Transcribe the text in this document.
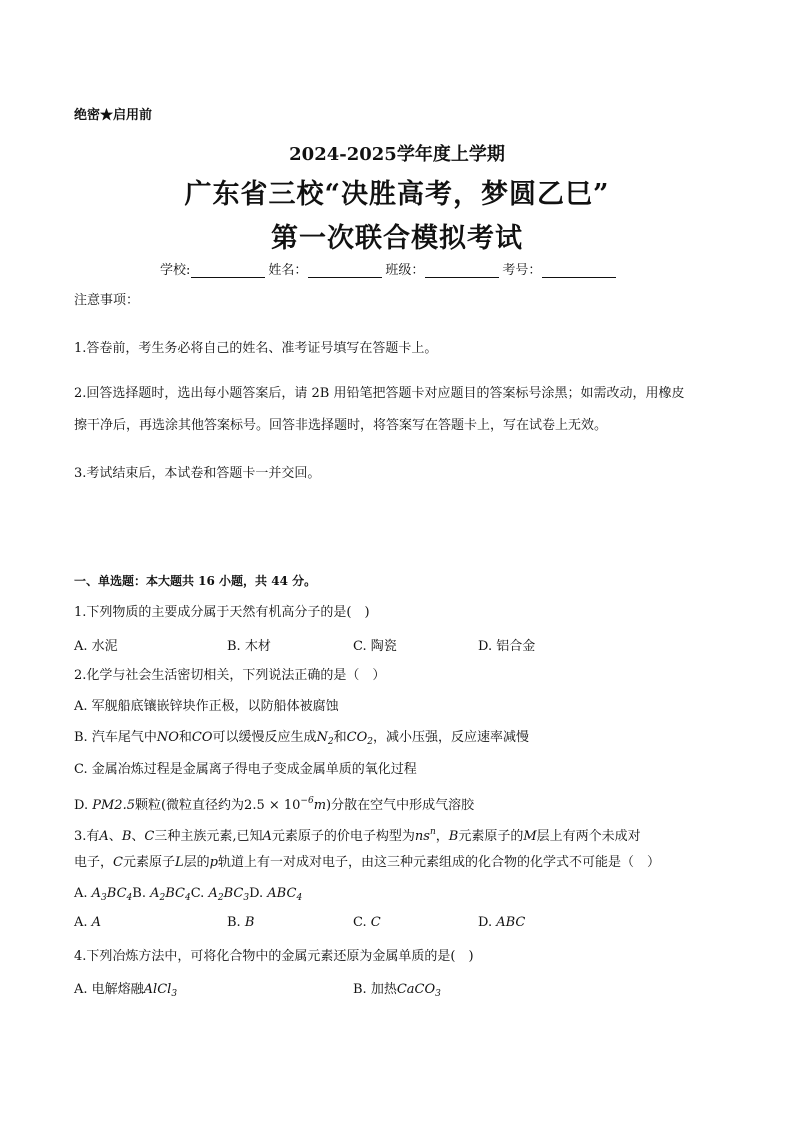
绝密★启用前
2024-2025学年度上学期
广东省三校“决胜高考，梦圆乙巳”
第一次联合模拟考试
学校:	姓名：	班级：	考号：
注意事项：
1.答卷前，考生务必将自己的姓名、准考证号填写在答题卡上。
2.回答选择题时，选出每小题答案后，请 2B 用铅笔把答题卡对应题目的答案标号涂黑；如需改动，用橡皮
擦干净后，再选涂其他答案标号。回答非选择题时，将答案写在答题卡上，写在试卷上无效。
3.考试结束后，本试卷和答题卡一并交回。
一、单选题：本大题共 16 小题，共 44 分。
1.下列物质的主要成分属于天然有机高分子的是(　)
A. 水泥	B. 木材	C. 陶瓷	D. 铝合金
2.化学与社会生活密切相关，下列说法正确的是（　）
A. 军舰船底镶嵌锌块作正极，以防船体被腐蚀
B. 汽车尾气中NO和CO可以缓慢反应生成$N_2$和$CO_2$，减小压强，反应速率减慢
C. 金属冶炼过程是金属离子得电子变成金属单质的氧化过程
D. PM2.5颗粒(微粒直径约为$2.5 \times 10^{-6}m$)分散在空气中形成气溶胶
3.有A、B、C三种主族元素,已知A元素原子的价电子构型为$ns^n$，B元素原子的M层上有两个未成对
电子，C元素原子L层的p轨道上有一对成对电子，由这三种元素组成的化合物的化学式不可能是（　）
A. $A_3BC_4B$. $A_2BC_4C$. $A_2BC_3D$. $ABC_4$
A. A	B. B	C. C	D. ABC
4.下列冶炼方法中，可将化合物中的金属元素还原为金属单质的是(　)
A. 电解熔融AlCl$_3$	B. 加热CaCO$_3$
